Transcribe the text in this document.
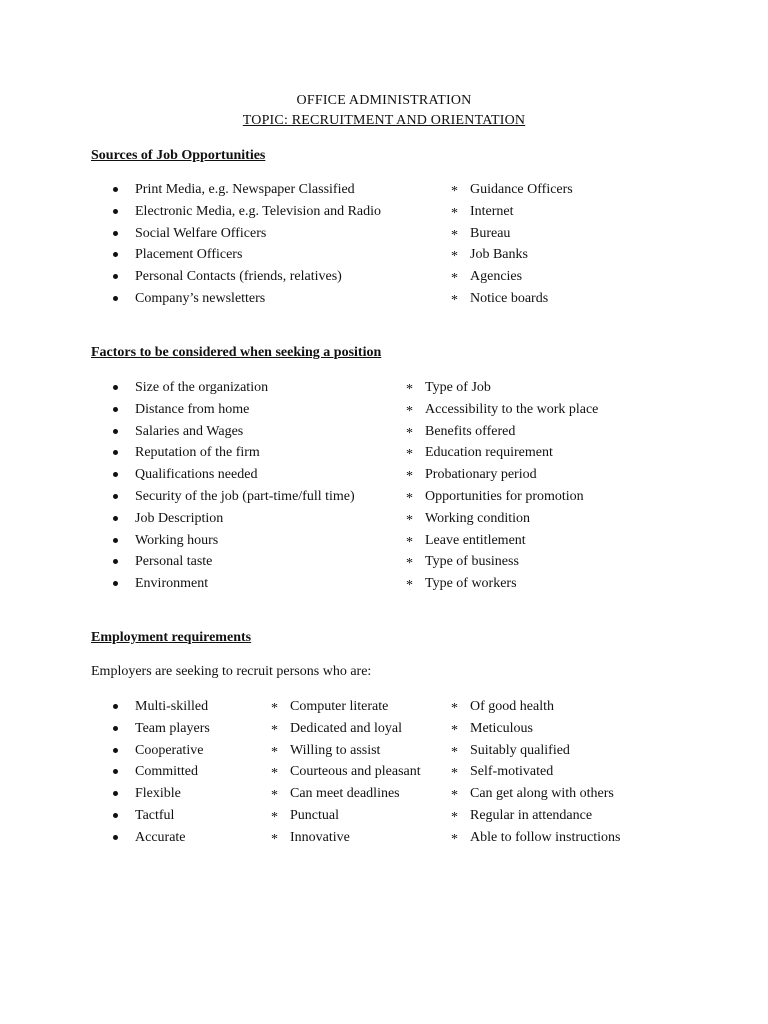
OFFICE ADMINISTRATION
TOPIC: RECRUITMENT AND ORIENTATION
Sources of Job Opportunities
Print Media, e.g. Newspaper Classified
Electronic Media, e.g. Television and Radio
Social Welfare Officers
Placement Officers
Personal Contacts (friends, relatives)
Company’s newsletters
* Guidance Officers
* Internet
* Bureau
* Job Banks
* Agencies
* Notice boards
Factors to be considered when seeking a position
Size of the organization
Distance from home
Salaries and Wages
Reputation of the firm
Qualifications needed
Security of the job (part-time/full time)
Job Description
Working hours
Personal taste
Environment
* Type of Job
* Accessibility to the work place
* Benefits offered
* Education requirement
* Probationary period
* Opportunities for promotion
* Working condition
* Leave entitlement
* Type of business
* Type of workers
Employment requirements
Employers are seeking to recruit persons who are:
Multi-skilled
Team players
Cooperative
Committed
Flexible
Tactful
Accurate
* Computer literate
* Dedicated and loyal
* Willing to assist
* Courteous and pleasant
* Can meet deadlines
* Punctual
* Innovative
* Of good health
* Meticulous
* Suitably qualified
* Self-motivated
* Can get along with others
* Regular in attendance
* Able to follow instructions
